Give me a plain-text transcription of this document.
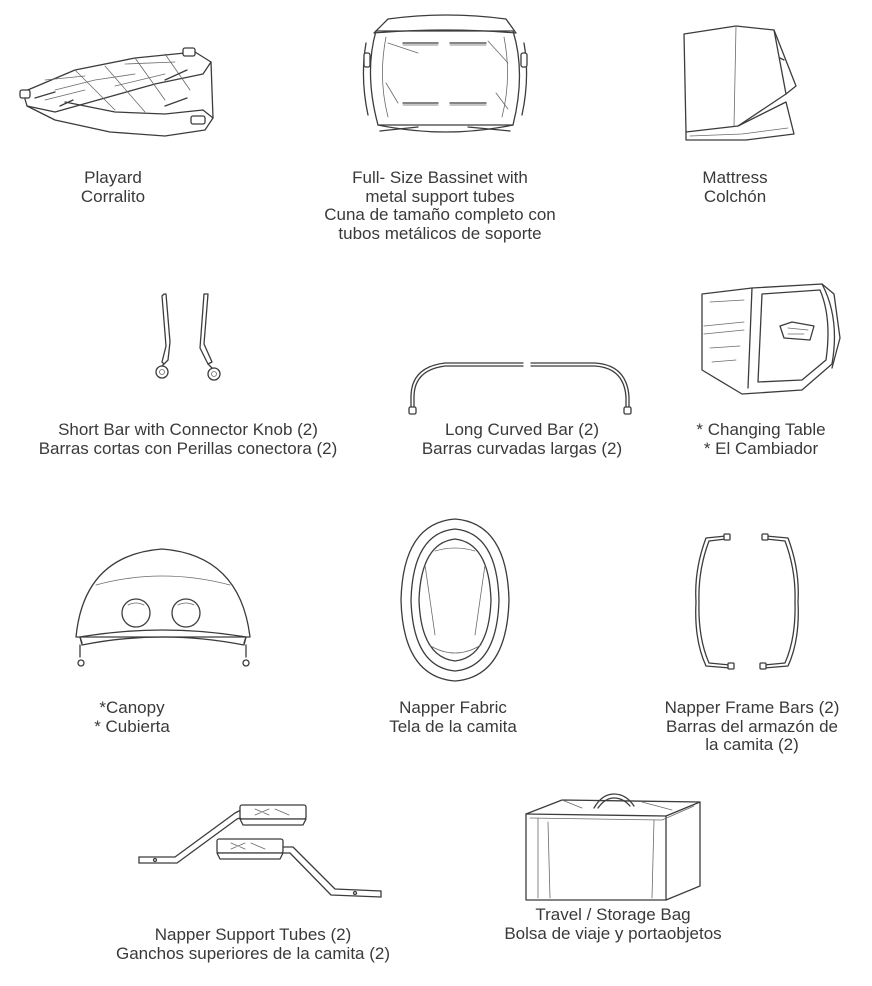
Playard
Corralito
Full- Size Bassinet with
metal support tubes
Cuna de tamaño completo con
tubos metálicos de soporte
Mattress
Colchón
Short Bar with Connector Knob (2)
Barras cortas con Perillas conectora (2)
Long Curved Bar (2)
Barras curvadas largas (2)
* Changing Table
* El Cambiador
*Canopy
* Cubierta
Napper Fabric
Tela de la camita
Napper Frame Bars (2)
Barras del armazón de
la camita (2)
Napper Support Tubes (2)
Ganchos superiores de la camita (2)
Travel / Storage Bag
Bolsa de viaje y portaobjetos
